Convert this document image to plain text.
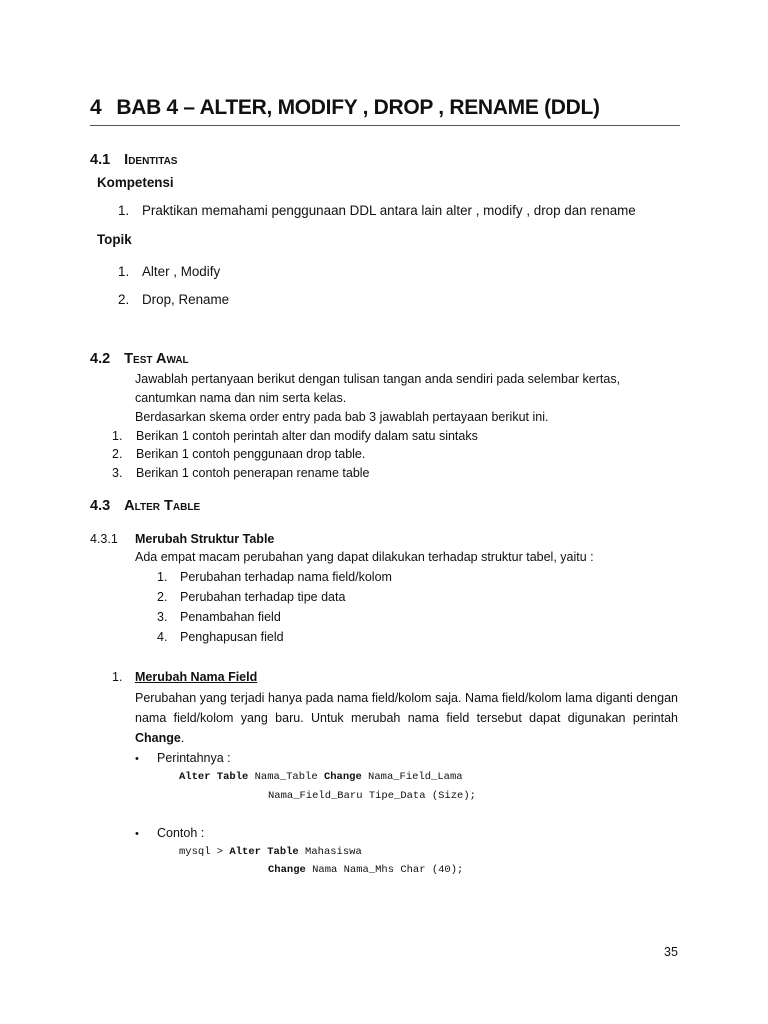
4 BAB 4 – ALTER, MODIFY , DROP , RENAME (DDL)
4.1 Identitas
Kompetensi
1. Praktikan memahami penggunaan DDL antara lain alter , modify , drop dan rename
Topik
1. Alter , Modify
2. Drop, Rename
4.2 Test Awal
Jawablah pertanyaan berikut dengan tulisan tangan anda sendiri pada selembar kertas,
cantumkan nama dan nim serta kelas.
Berdasarkan skema order entry pada bab 3 jawablah pertayaan berikut ini.
1. Berikan 1 contoh perintah alter dan modify dalam satu sintaks
2. Berikan 1 contoh penggunaan drop table.
3. Berikan 1 contoh penerapan rename table
4.3 Alter Table
4.3.1 Merubah Struktur Table
Ada empat macam perubahan yang dapat dilakukan terhadap struktur tabel, yaitu :
1. Perubahan terhadap nama field/kolom
2. Perubahan terhadap tipe data
3. Penambahan field
4. Penghapusan field
1. Merubah Nama Field
Perubahan yang terjadi hanya pada nama field/kolom saja. Nama field/kolom lama diganti dengan nama field/kolom yang baru. Untuk merubah nama field tersebut dapat digunakan perintah Change.
• Perintahnya :
Alter Table Nama_Table Change Nama_Field_Lama
Nama_Field_Baru Tipe_Data (Size);
• Contoh :
mysql > Alter Table Mahasiswa
Change Nama Nama_Mhs Char (40);
35
